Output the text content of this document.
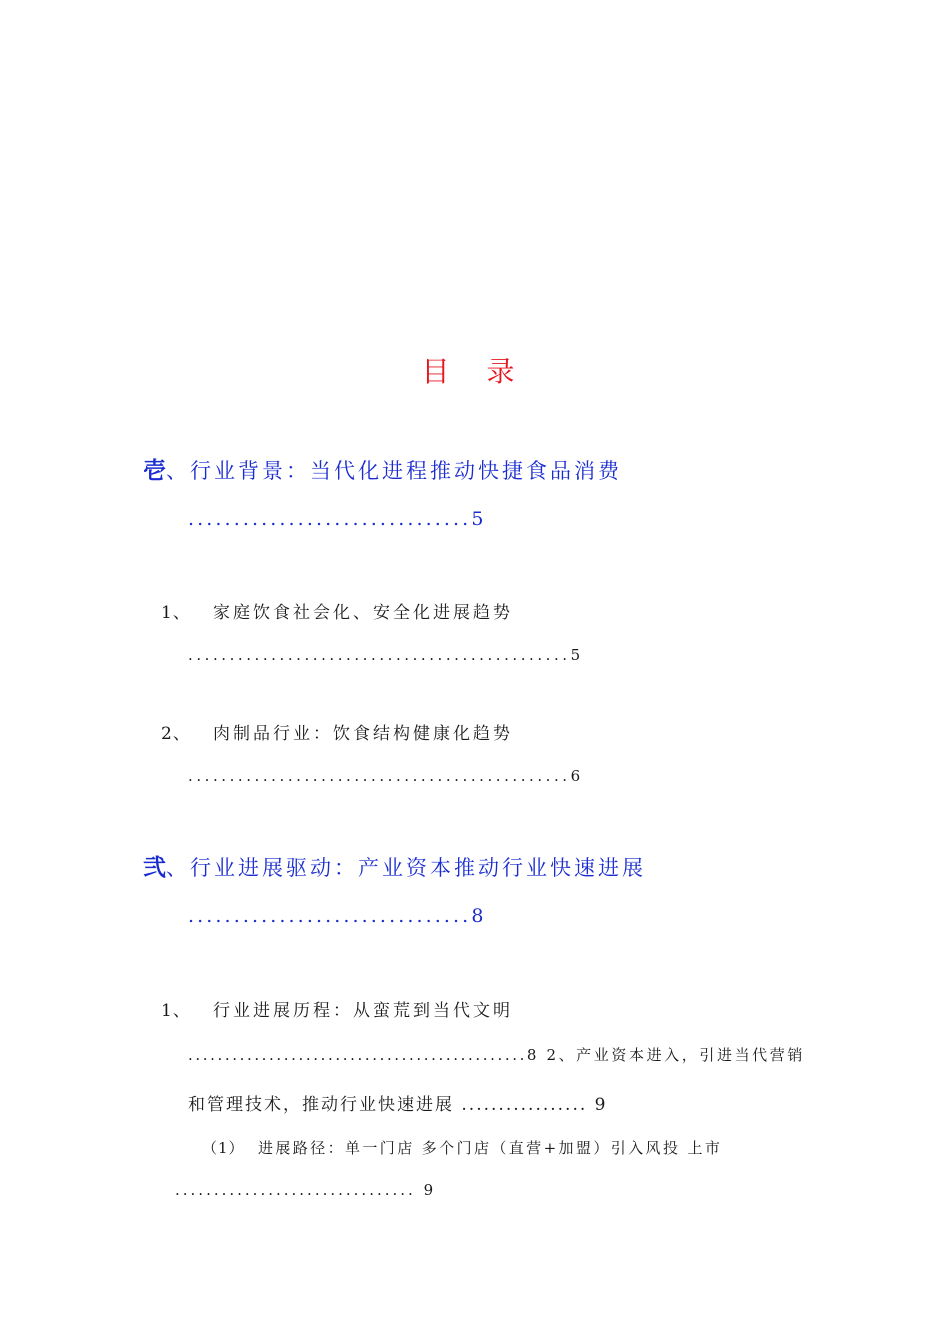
目 录
壱、行业背景：当代化进程推动快捷食品消费
...............................5
1、 家庭饮食社会化、安全化进展趋势
..............................................5
2、 肉制品行业：饮食结构健康化趋势
..............................................6
弐、行业进展驱动：产业资本推动行业快速进展
...............................8
1、 行业进展历程：从蛮荒到当代文明
..............................................8 2、产业资本进入，引进当代营销
和管理技术，推动行业快速进展 ................. 9
（1） 进展路径：单一门店 多个门店（直营+加盟）引入风投 上市
............................... 9
